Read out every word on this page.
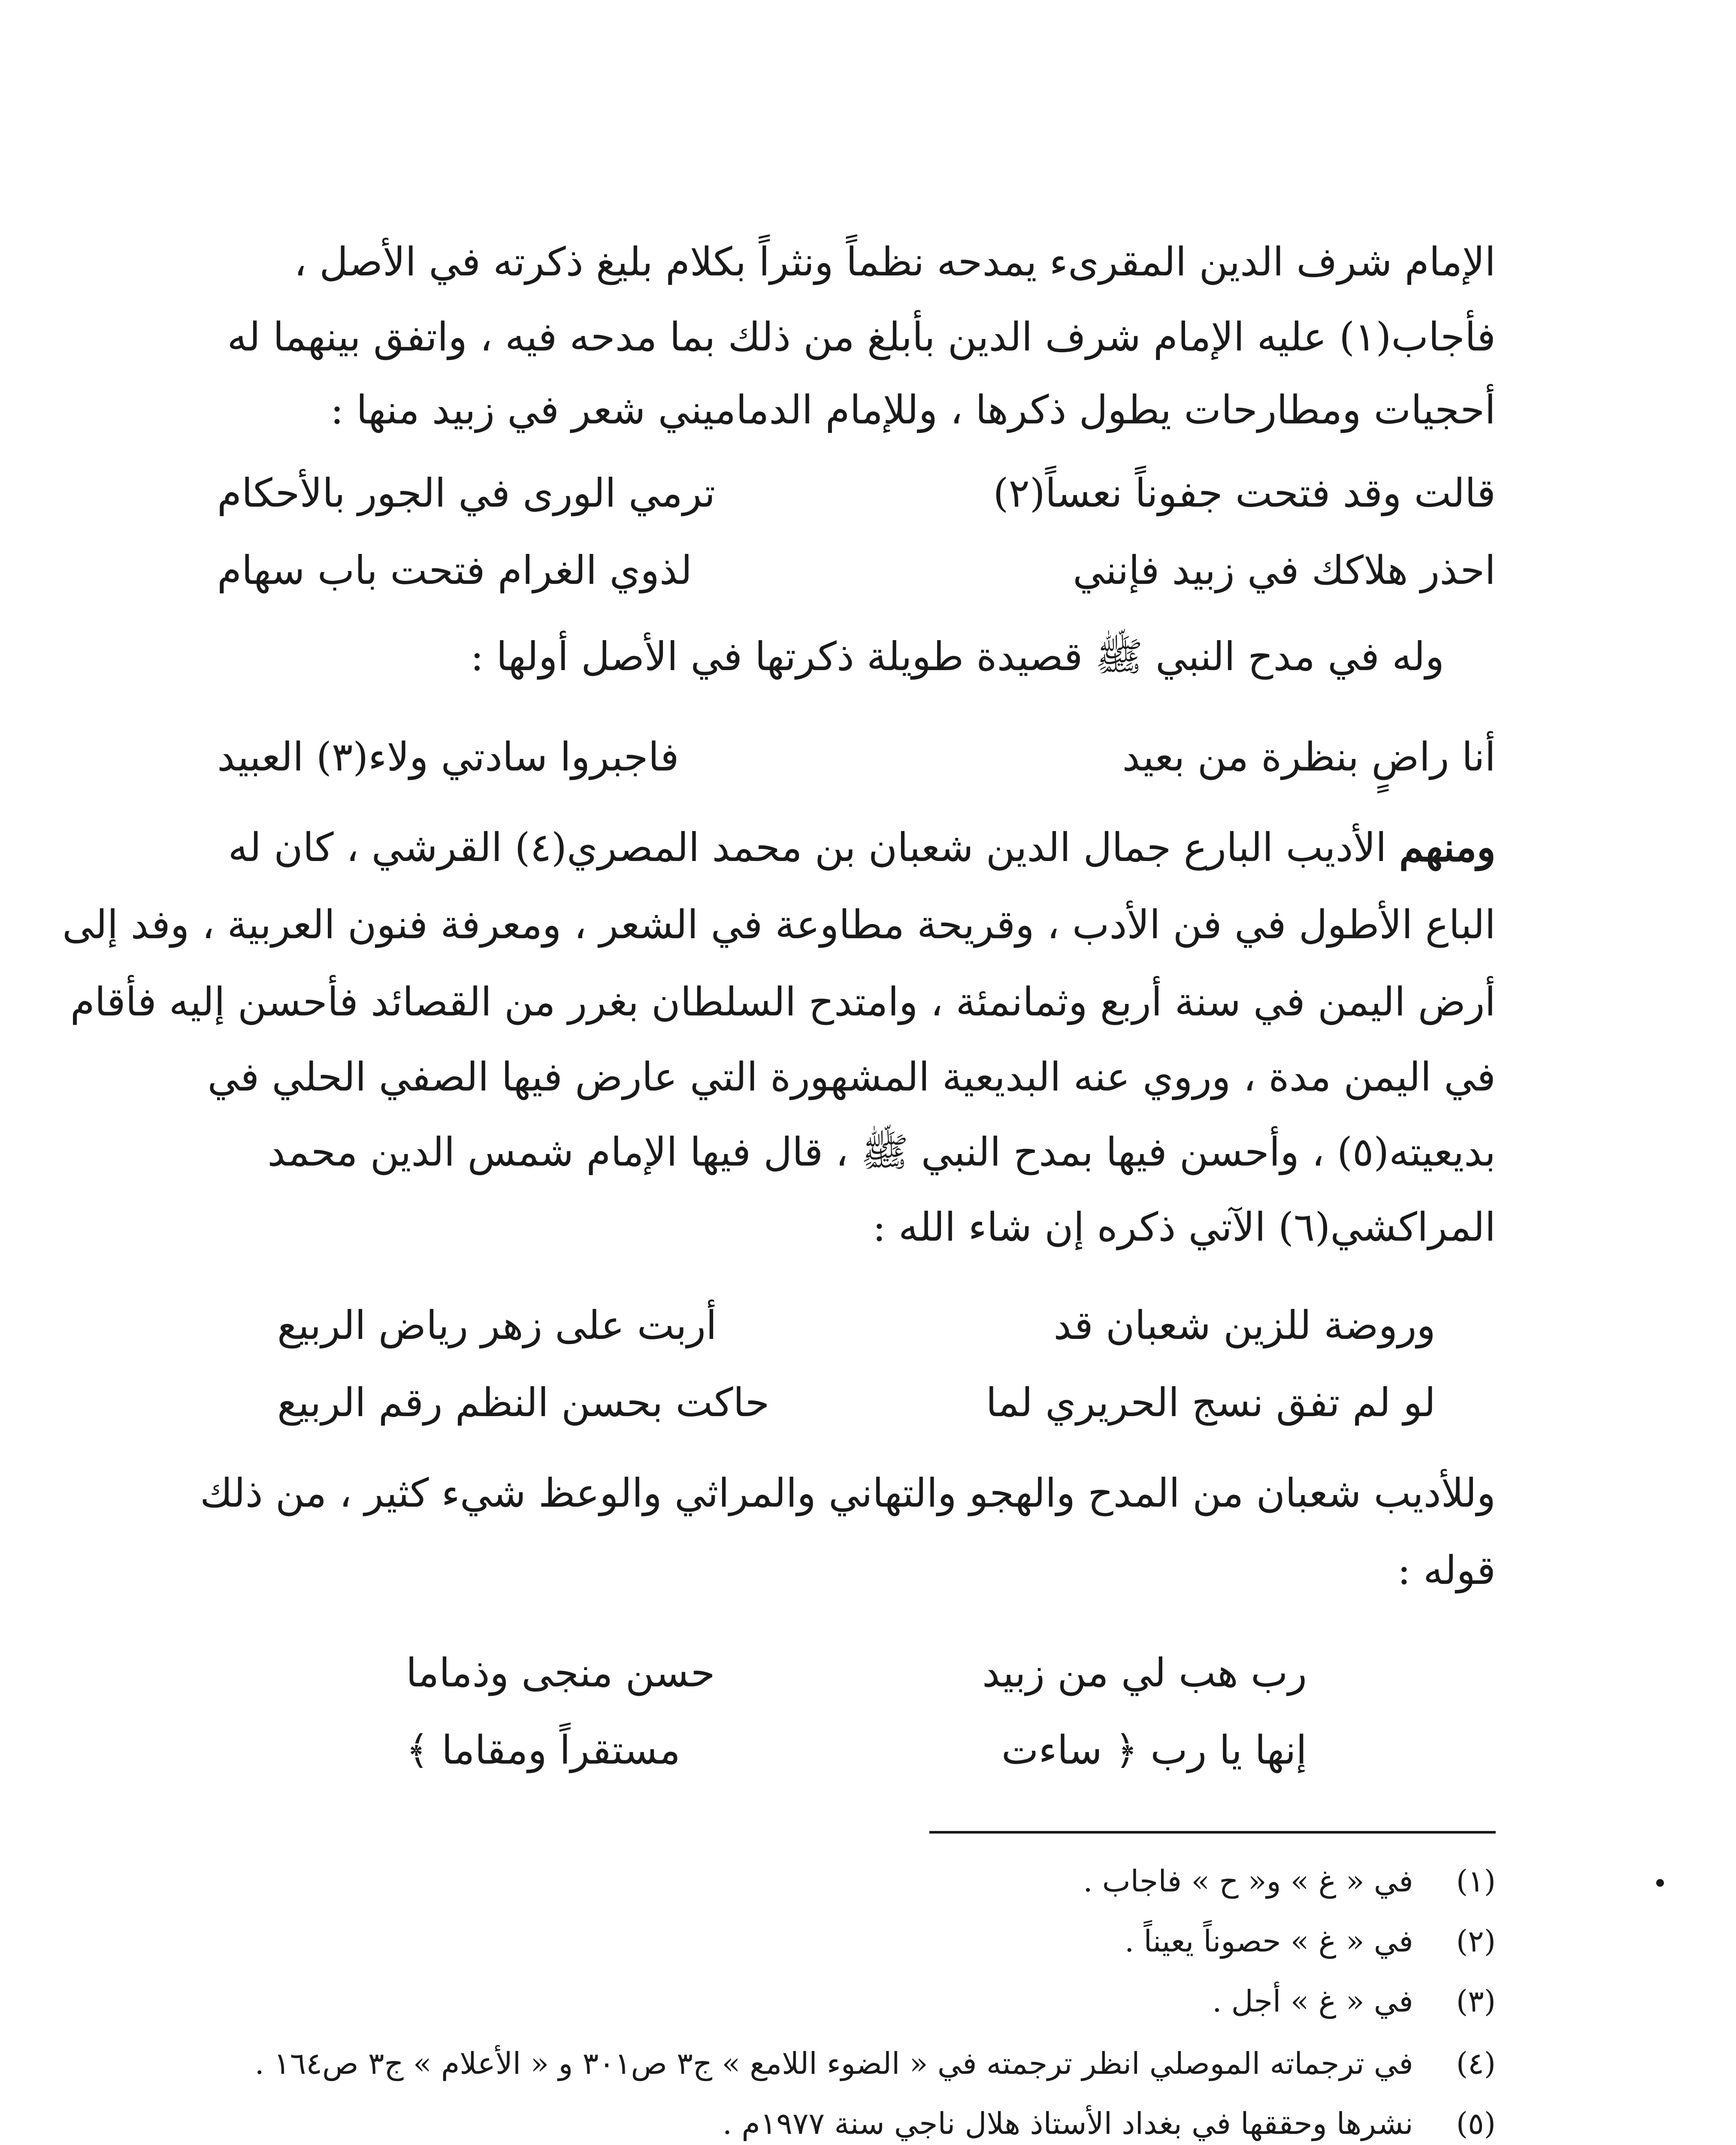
الإمام شرف الدين المقرىء يمدحه نظماً ونثراً بكلام بليغ ذكرته في الأصل ،
فأجاب(١) عليه الإمام شرف الدين بأبلغ من ذلك بما مدحه فيه ، واتفق بينهما له
أحجيات ومطارحات يطول ذكرها ، وللإمام الدماميني شعر في زبيد منها :
قالت وقد فتحت جفوناً نعساً(٢)
ترمي الورى في الجور بالأحكام
احذر هلاكك في زبيد فإنني
لذوي الغرام فتحت باب سهام
وله في مدح النبي ﷺ قصيدة طويلة ذكرتها في الأصل أولها :
أنا راضٍ بنظرة من بعيد
فاجبروا سادتي ولاء(٣) العبيد
ومنهم الأديب البارع جمال الدين شعبان بن محمد المصري(٤) القرشي ، كان له
الباع الأطول في فن الأدب ، وقريحة مطاوعة في الشعر ، ومعرفة فنون العربية ، وفد إلى
أرض اليمن في سنة أربع وثمانمئة ، وامتدح السلطان بغرر من القصائد فأحسن إليه فأقام
في اليمن مدة ، وروي عنه البديعية المشهورة التي عارض فيها الصفي الحلي في
بديعيته(٥) ، وأحسن فيها بمدح النبي ﷺ ، قال فيها الإمام شمس الدين محمد
المراكشي(٦) الآتي ذكره إن شاء الله :
وروضة للزين شعبان قد
أربت على زهر رياض الربيع
لو لم تفق نسج الحريري لما
حاكت بحسن النظم رقم الربيع
وللأديب شعبان من المدح والهجو والتهاني والمراثي والوعظ شيء كثير ، من ذلك
قوله :
رب هب لي من زبيد
حسن منجى وذماما
إنها يا رب ﴿ ساءت
مستقراً ومقاما ﴾
(١) في « غ » و« ح » فاجاب .
(٢) في « غ » حصوناً يعيناً .
(٣) في « غ » أجل .
(٤) في ترجماته الموصلي انظر ترجمته في « الضوء اللامع » ج٣ ص٣٠١ و « الأعلام » ج٣ ص١٦٤ .
(٥) نشرها وحققها في بغداد الأستاذ هلال ناجي سنة ١٩٧٧م .
